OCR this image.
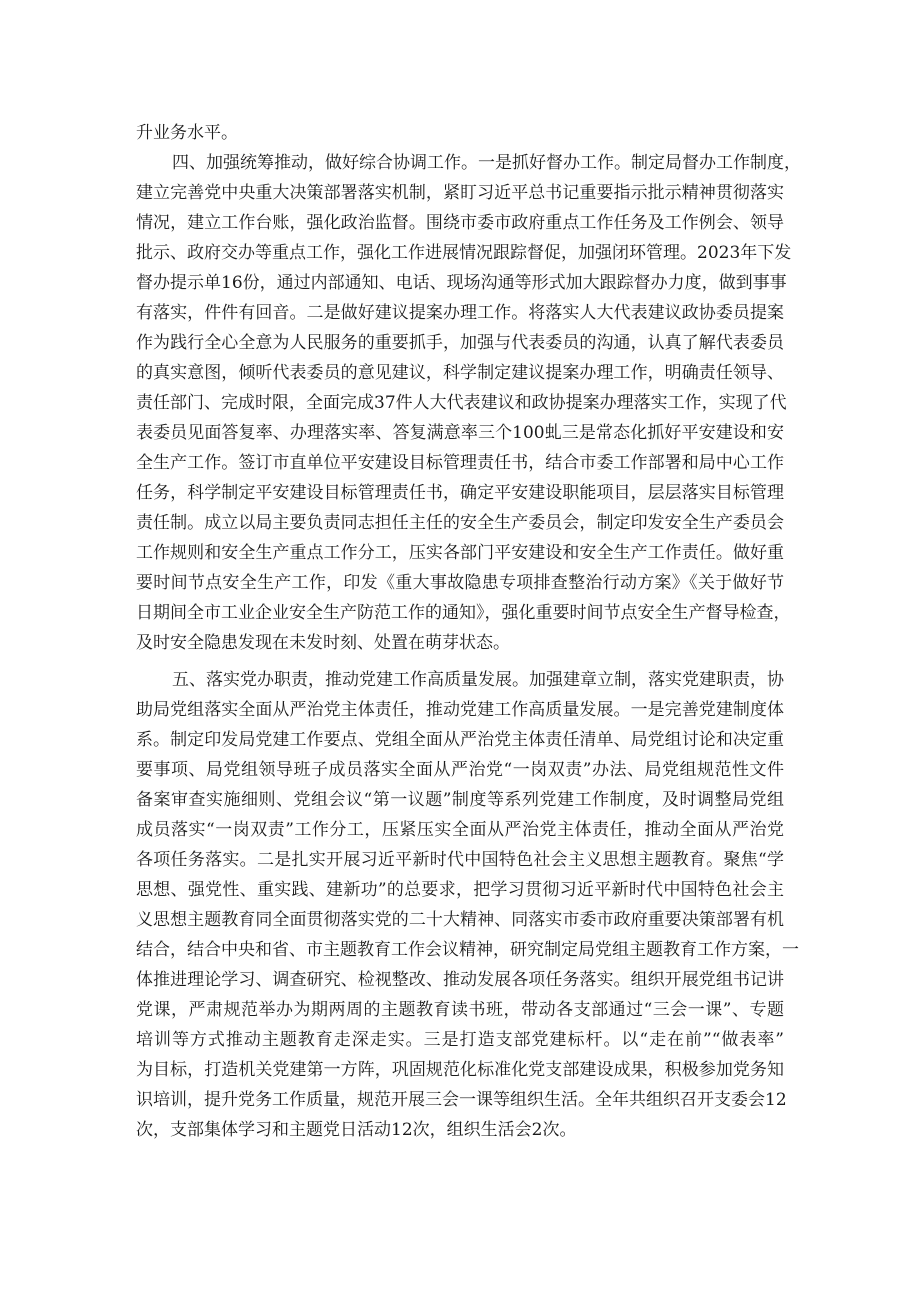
升业务水平。
四、加强统筹推动，做好综合协调工作。一是抓好督办工作。制定局督办工作制度，
建立完善党中央重大决策部署落实机制，紧盯习近平总书记重要指示批示精神贯彻落实
情况，建立工作台账，强化政治监督。围绕市委市政府重点工作任务及工作例会、领导
批示、政府交办等重点工作，强化工作进展情况跟踪督促，加强闭环管理。2023年下发
督办提示单16份，通过内部通知、电话、现场沟通等形式加大跟踪督办力度，做到事事
有落实，件件有回音。二是做好建议提案办理工作。将落实人大代表建议政协委员提案
作为践行全心全意为人民服务的重要抓手，加强与代表委员的沟通，认真了解代表委员
的真实意图，倾听代表委员的意见建议，科学制定建议提案办理工作，明确责任领导、
责任部门、完成时限，全面完成37件人大代表建议和政协提案办理落实工作，实现了代
表委员见面答复率、办理落实率、答复满意率三个100虬三是常态化抓好平安建设和安
全生产工作。签订市直单位平安建设目标管理责任书，结合市委工作部署和局中心工作
任务，科学制定平安建设目标管理责任书，确定平安建设职能项目，层层落实目标管理
责任制。成立以局主要负责同志担任主任的安全生产委员会，制定印发安全生产委员会
工作规则和安全生产重点工作分工，压实各部门平安建设和安全生产工作责任。做好重
要时间节点安全生产工作，印发《重大事故隐患专项排查整治行动方案》《关于做好节
日期间全市工业企业安全生产防范工作的通知》，强化重要时间节点安全生产督导检查，
及时安全隐患发现在未发时刻、处置在萌芽状态。
五、落实党办职责，推动党建工作高质量发展。加强建章立制，落实党建职责，协
助局党组落实全面从严治党主体责任，推动党建工作高质量发展。一是完善党建制度体
系。制定印发局党建工作要点、党组全面从严治党主体责任清单、局党组讨论和决定重
要事项、局党组领导班子成员落实全面从严治党“一岗双责”办法、局党组规范性文件
备案审查实施细则、党组会议“第一议题”制度等系列党建工作制度，及时调整局党组
成员落实“一岗双责”工作分工，压紧压实全面从严治党主体责任，推动全面从严治党
各项任务落实。二是扎实开展习近平新时代中国特色社会主义思想主题教育。聚焦“学
思想、强党性、重实践、建新功”的总要求，把学习贯彻习近平新时代中国特色社会主
义思想主题教育同全面贯彻落实党的二十大精神、同落实市委市政府重要决策部署有机
结合，结合中央和省、市主题教育工作会议精神，研究制定局党组主题教育工作方案，一
体推进理论学习、调查研究、检视整改、推动发展各项任务落实。组织开展党组书记讲
党课，严肃规范举办为期两周的主题教育读书班，带动各支部通过“三会一课”、专题
培训等方式推动主题教育走深走实。三是打造支部党建标杆。以“走在前”“做表率”
为目标，打造机关党建第一方阵，巩固规范化标准化党支部建设成果，积极参加党务知
识培训，提升党务工作质量，规范开展三会一课等组织生活。全年共组织召开支委会12
次，支部集体学习和主题党日活动12次，组织生活会2次。
